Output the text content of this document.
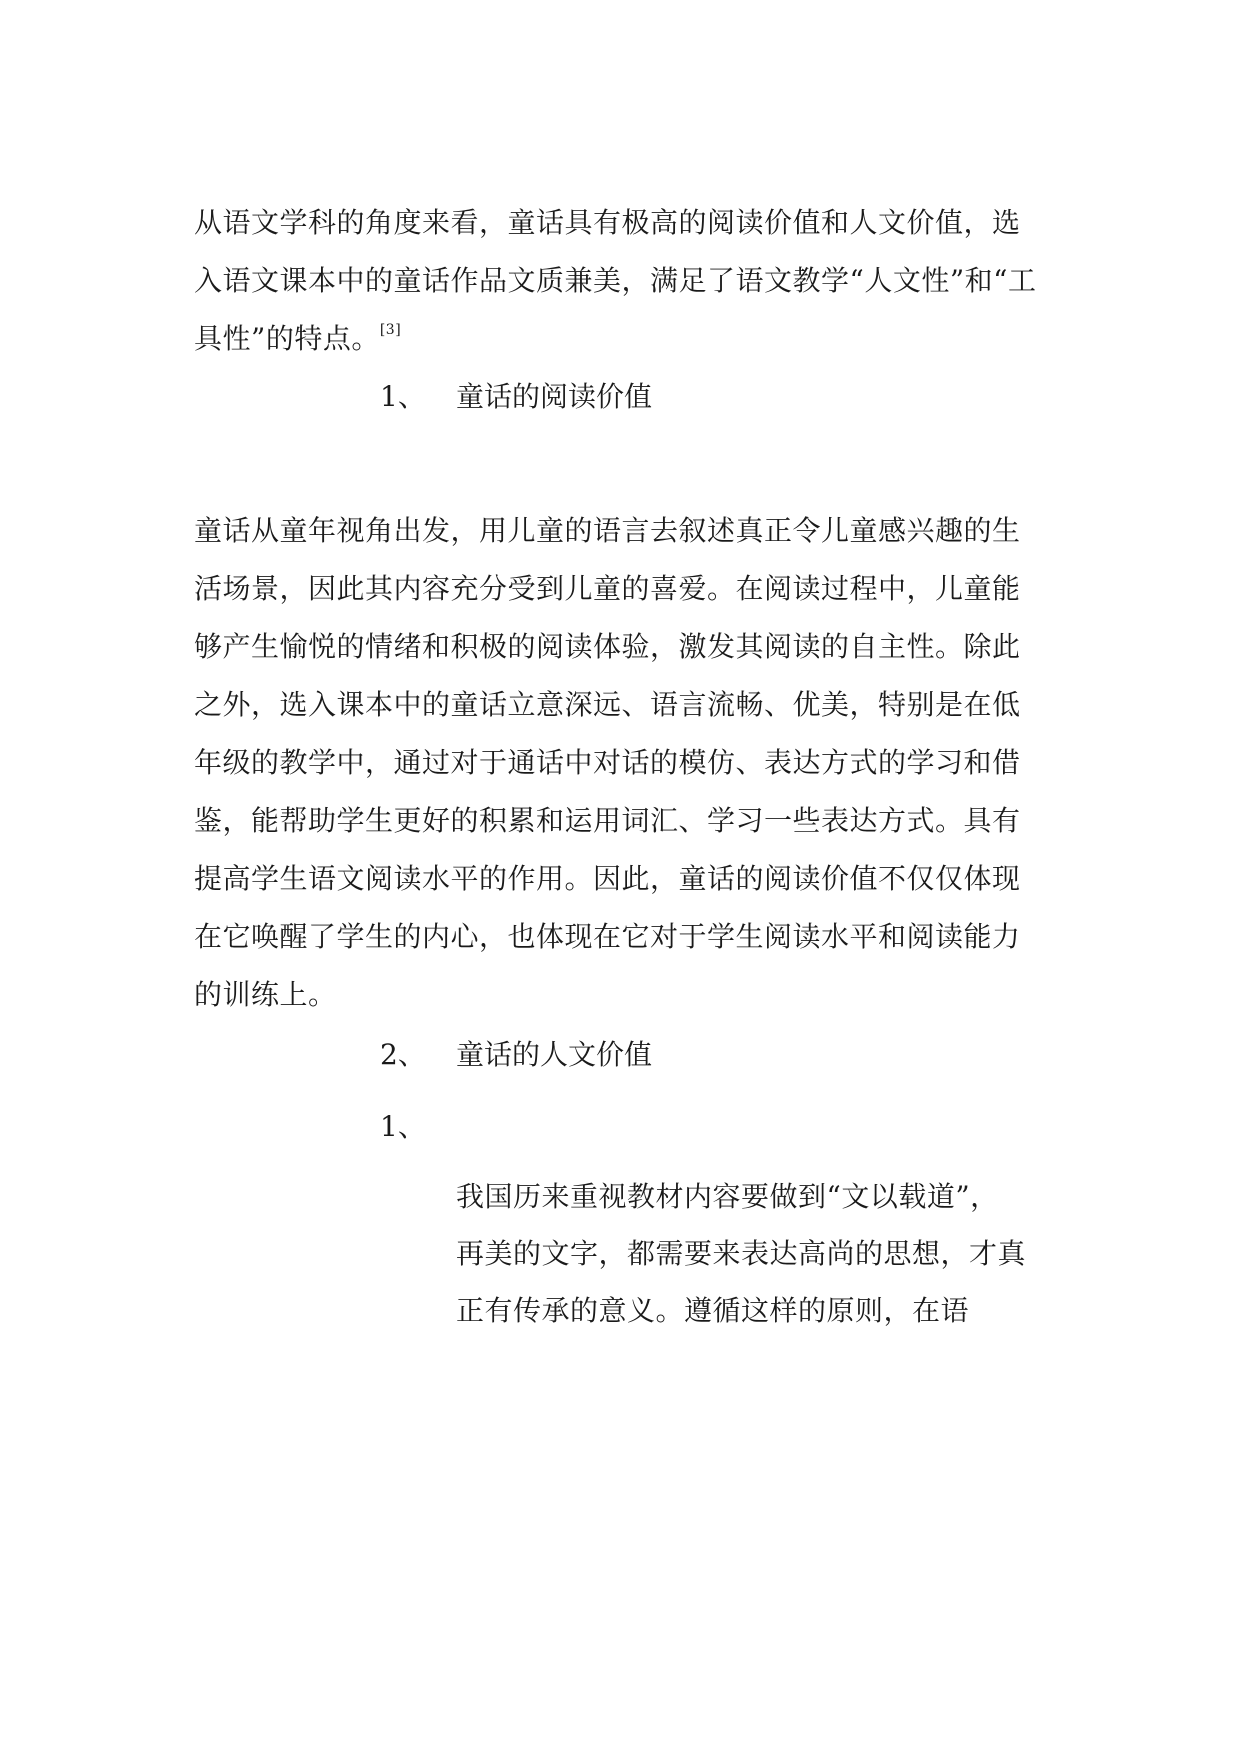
从语文学科的角度来看，童话具有极高的阅读价值和人文价值，选
入语文课本中的童话作品文质兼美，满足了语文教学“人文性”和“工
具性”的特点。[3]
1、 童话的阅读价值
童话从童年视角出发，用儿童的语言去叙述真正令儿童感兴趣的生
活场景，因此其内容充分受到儿童的喜爱。在阅读过程中，儿童能
够产生愉悦的情绪和积极的阅读体验，激发其阅读的自主性。除此
之外，选入课本中的童话立意深远、语言流畅、优美，特别是在低
年级的教学中，通过对于通话中对话的模仿、表达方式的学习和借
鉴，能帮助学生更好的积累和运用词汇、学习一些表达方式。具有
提高学生语文阅读水平的作用。因此，童话的阅读价值不仅仅体现
在它唤醒了学生的内心，也体现在它对于学生阅读水平和阅读能力
的训练上。
2、 童话的人文价值
1、
我国历来重视教材内容要做到“文以载道”，
再美的文字，都需要来表达高尚的思想，才真
正有传承的意义。遵循这样的原则，在语
